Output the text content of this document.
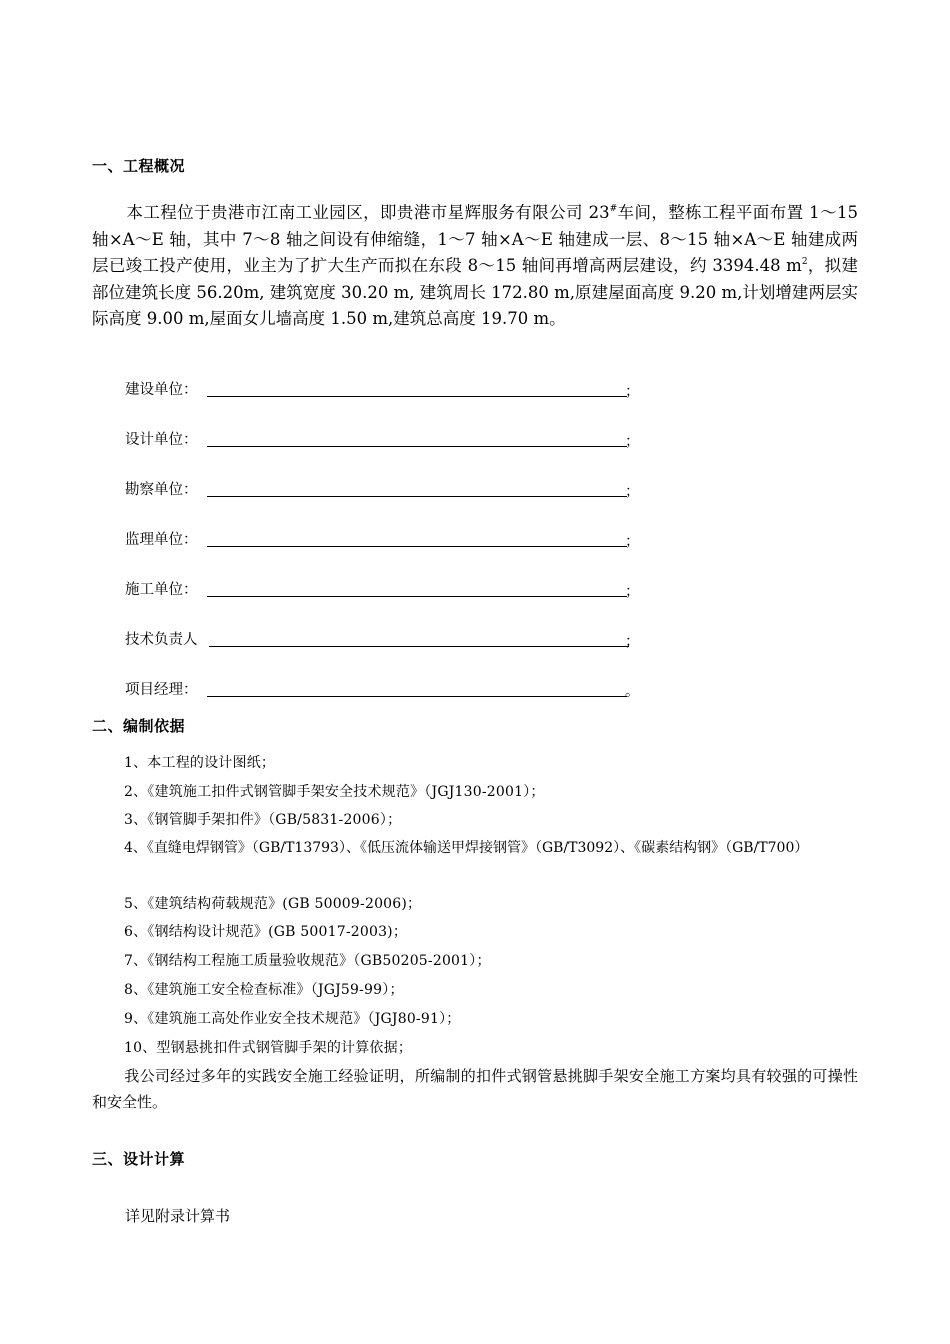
一、工程概况
本工程位于贵港市江南工业园区，即贵港市星辉服务有限公司 23#车间，整栋工程平面布置 1～15 轴×A～E 轴，其中 7～8 轴之间设有伸缩缝，1～7 轴×A～E 轴建成一层、8～15 轴×A～E 轴建成两层已竣工投产使用，业主为了扩大生产而拟在东段 8～15 轴间再增高两层建设，约 3394.48 $m^2$，拟建部位建筑长度 56.20m, 建筑宽度 30.20 m, 建筑周长 172.80 m,原建屋面高度 9.20 m,计划增建两层实际高度 9.00 m,屋面女儿墙高度 1.50 m,建筑总高度 19.70 m。
建设单位：	；
设计单位：	；
勘察单位：	；
监理单位：	；
施工单位：	；
技术负责人	；
项目经理：	。
二、编制依据
1、本工程的设计图纸；
2、《建筑施工扣件式钢管脚手架安全技术规范》（JGJ130-2001）；
3、《钢管脚手架扣件》（GB/5831-2006）；
4、《直缝电焊钢管》（GB/T13793）、《低压流体输送甲焊接钢管》（GB/T3092）、《碳素结构钢》（GB/T700）
5、《建筑结构荷载规范》(GB 50009-2006)；
6、《钢结构设计规范》(GB 50017-2003)；
7、《钢结构工程施工质量验收规范》（GB50205-2001）；
8、《建筑施工安全检查标准》（JGJ59-99）；
9、《建筑施工高处作业安全技术规范》（JGJ80-91）；
10、型钢悬挑扣件式钢管脚手架的计算依据；
我公司经过多年的实践安全施工经验证明，所编制的扣件式钢管悬挑脚手架安全施工方案均具有较强的可操性和安全性。
三、设计计算
详见附录计算书
